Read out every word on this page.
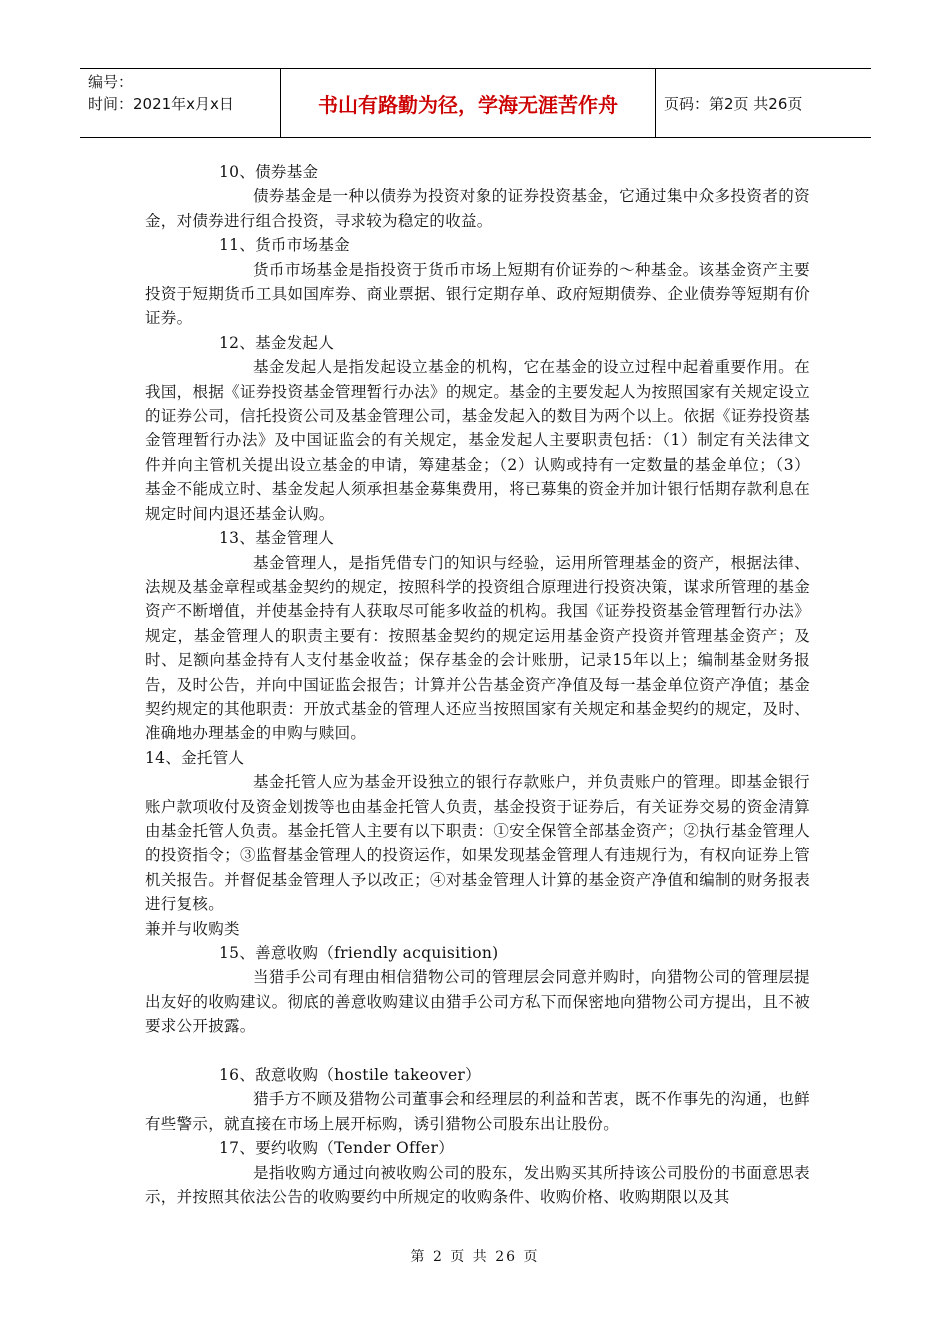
编号：
时间：2021年x月x日	书山有路勤为径，学海无涯苦作舟	页码：第2页 共26页

10、债券基金

债券基金是一种以债券为投资对象的证券投资基金，它通过集中众多投资者的资金，对债券进行组合投资，寻求较为稳定的收益。

11、货币市场基金

货币市场基金是指投资于货币市场上短期有价证券的～种基金。该基金资产主要投资于短期货币工具如国库券、商业票据、银行定期存单、政府短期债券、企业债券等短期有价证券。

12、基金发起人

基金发起人是指发起设立基金的机构，它在基金的设立过程中起着重要作用。在我国，根据《证券投资基金管理暂行办法》的规定。基金的主要发起人为按照国家有关规定设立的证券公司，信托投资公司及基金管理公司，基金发起入的数目为两个以上。依据《证券投资基金管理暂行办法》及中国证监会的有关规定，基金发起人主要职责包括：（1）制定有关法律文件并向主管机关提出设立基金的申请，筹建基金；（2）认购或持有一定数量的基金单位；（3）基金不能成立时、基金发起人须承担基金募集费用，将已募集的资金并加计银行恬期存款利息在规定时间内退还基金认购。

13、基金管理人

基金管理人，是指凭借专门的知识与经验，运用所管理基金的资产，根据法律、法规及基金章程或基金契约的规定，按照科学的投资组合原理进行投资决策，谋求所管理的基金资产不断增值，并使基金持有人获取尽可能多收益的机构。我国《证券投资基金管理暂行办法》规定，基金管理人的职责主要有：按照基金契约的规定运用基金资产投资并管理基金资产；及时、足额向基金持有人支付基金收益；保存基金的会计账册，记录15年以上；编制基金财务报告，及时公告，并向中国证监会报告；计算并公告基金资产净值及每一基金单位资产净值；基金契约规定的其他职责：开放式基金的管理人还应当按照国家有关规定和基金契约的规定，及时、准确地办理基金的申购与赎回。

14、金托管人

基金托管人应为基金开设独立的银行存款账户，并负责账户的管理。即基金银行账户款项收付及资金划拨等也由基金托管人负责，基金投资于证券后，有关证券交易的资金清算由基金托管人负责。基金托管人主要有以下职责：①安全保管全部基金资产；②执行基金管理人的投资指令；③监督基金管理人的投资运作，如果发现基金管理人有违规行为，有权向证券上管机关报告。并督促基金管理人予以改正；④对基金管理人计算的基金资产净值和编制的财务报表进行复核。

兼并与收购类

15、善意收购（friendly acquisition)

当猎手公司有理由相信猎物公司的管理层会同意并购时，向猎物公司的管理层提出友好的收购建议。彻底的善意收购建议由猎手公司方私下而保密地向猎物公司方提出，且不被要求公开披露。

16、敌意收购（hostile takeover）

猎手方不顾及猎物公司董事会和经理层的利益和苦衷，既不作事先的沟通，也鲜有些警示，就直接在市场上展开标购，诱引猎物公司股东出让股份。

17、要约收购（Tender Offer）

是指收购方通过向被收购公司的股东，发出购买其所持该公司股份的书面意思表示，并按照其依法公告的收购要约中所规定的收购条件、收购价格、收购期限以及其

第 2 页 共 26 页
